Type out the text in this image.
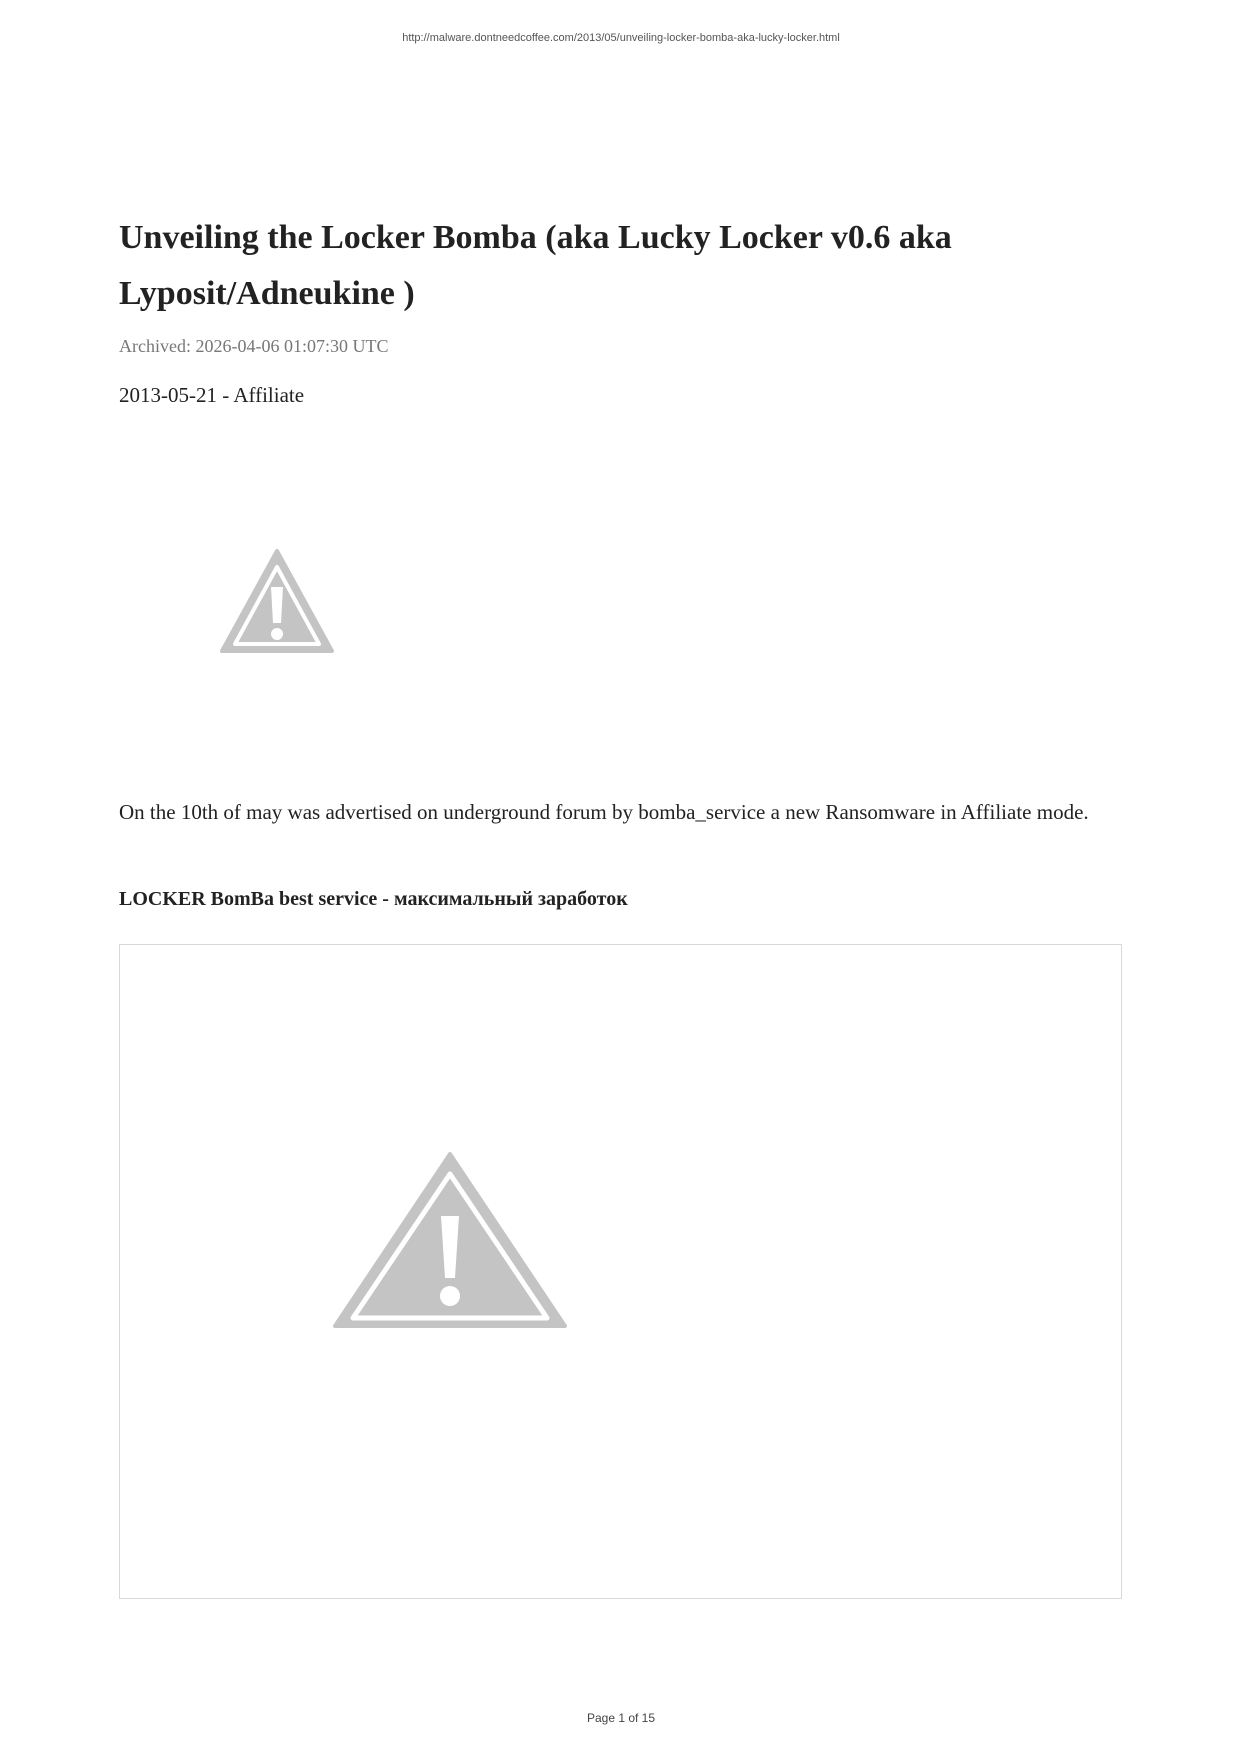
http://malware.dontneedcoffee.com/2013/05/unveiling-locker-bomba-aka-lucky-locker.html
Unveiling the Locker Bomba (aka Lucky Locker v0.6 aka Lyposit/Adneukine )
Archived: 2026-04-06 01:07:30 UTC
2013-05-21 - Affiliate

On the 10th of may was advertised on underground forum by bomba_service a new Ransomware in Affiliate mode.

LOCKER BomBa best service - максимальный заработок

Page 1 of 15
